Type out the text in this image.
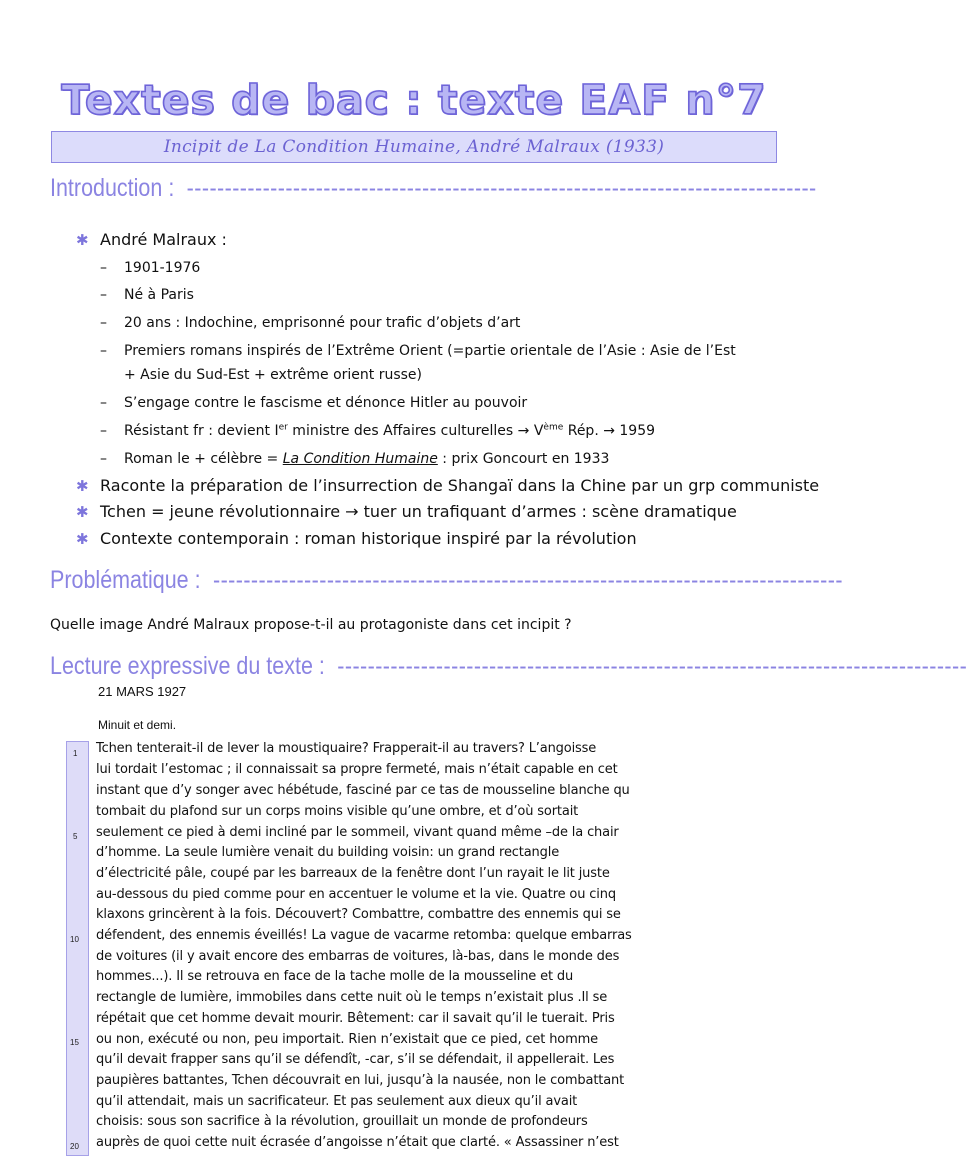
Textes de bac : texte EAF n°7
Incipit de La Condition Humaine, André Malraux (1933)
Introduction :  -----------------------------------------------------------------------------------
✱ André Malraux :
– 1901-1976
– Né à Paris
– 20 ans : Indochine, emprisonné pour trafic d’objets d’art
– Premiers romans inspirés de l’Extrême Orient (=partie orientale de l’Asie : Asie de l’Est
+ Asie du Sud-Est + extrême orient russe)
– S’engage contre le fascisme et dénonce Hitler au pouvoir
– Résistant fr : devient Ier ministre des Affaires culturelles → Vème Rép. → 1959
– Roman le + célèbre = La Condition Humaine : prix Goncourt en 1933
✱ Raconte la préparation de l’insurrection de Shangaï dans la Chine par un grp communiste
✱ Tchen = jeune révolutionnaire → tuer un trafiquant d’armes : scène dramatique
✱ Contexte contemporain : roman historique inspiré par la révolution
Problématique :  -----------------------------------------------------------------------------------
Quelle image André Malraux propose-t-il au protagoniste dans cet incipit ?
Lecture expressive du texte :  -----------------------------------------------------------------------------------
21 MARS 1927
Minuit et demi.
1
5
10
15
20
Tchen tenterait-il de lever la moustiquaire? Frapperait-il au travers? L’angoisse
lui tordait l’estomac ; il connaissait sa propre fermeté, mais n’était capable en cet
instant que d’y songer avec hébétude, fasciné par ce tas de mousseline blanche qu
tombait du plafond sur un corps moins visible qu’une ombre, et d’où sortait
seulement ce pied à demi incliné par le sommeil, vivant quand même –de la chair
d’homme. La seule lumière venait du building voisin: un grand rectangle
d’électricité pâle, coupé par les barreaux de la fenêtre dont l’un rayait le lit juste
au-dessous du pied comme pour en accentuer le volume et la vie. Quatre ou cinq
klaxons grincèrent à la fois. Découvert? Combattre, combattre des ennemis qui se
défendent, des ennemis éveillés! La vague de vacarme retomba: quelque embarras
de voitures (il y avait encore des embarras de voitures, là-bas, dans le monde des
hommes...). Il se retrouva en face de la tache molle de la mousseline et du
rectangle de lumière, immobiles dans cette nuit où le temps n’existait plus .Il se
répétait que cet homme devait mourir. Bêtement: car il savait qu’il le tuerait. Pris
ou non, exécuté ou non, peu importait. Rien n’existait que ce pied, cet homme
qu’il devait frapper sans qu’il se défendît, -car, s’il se défendait, il appellerait. Les
paupières battantes, Tchen découvrait en lui, jusqu’à la nausée, non le combattant
qu’il attendait, mais un sacrificateur. Et pas seulement aux dieux qu’il avait
choisis: sous son sacrifice à la révolution, grouillait un monde de profondeurs
auprès de quoi cette nuit écrasée d’angoisse n’était que clarté. « Assassiner n’est
